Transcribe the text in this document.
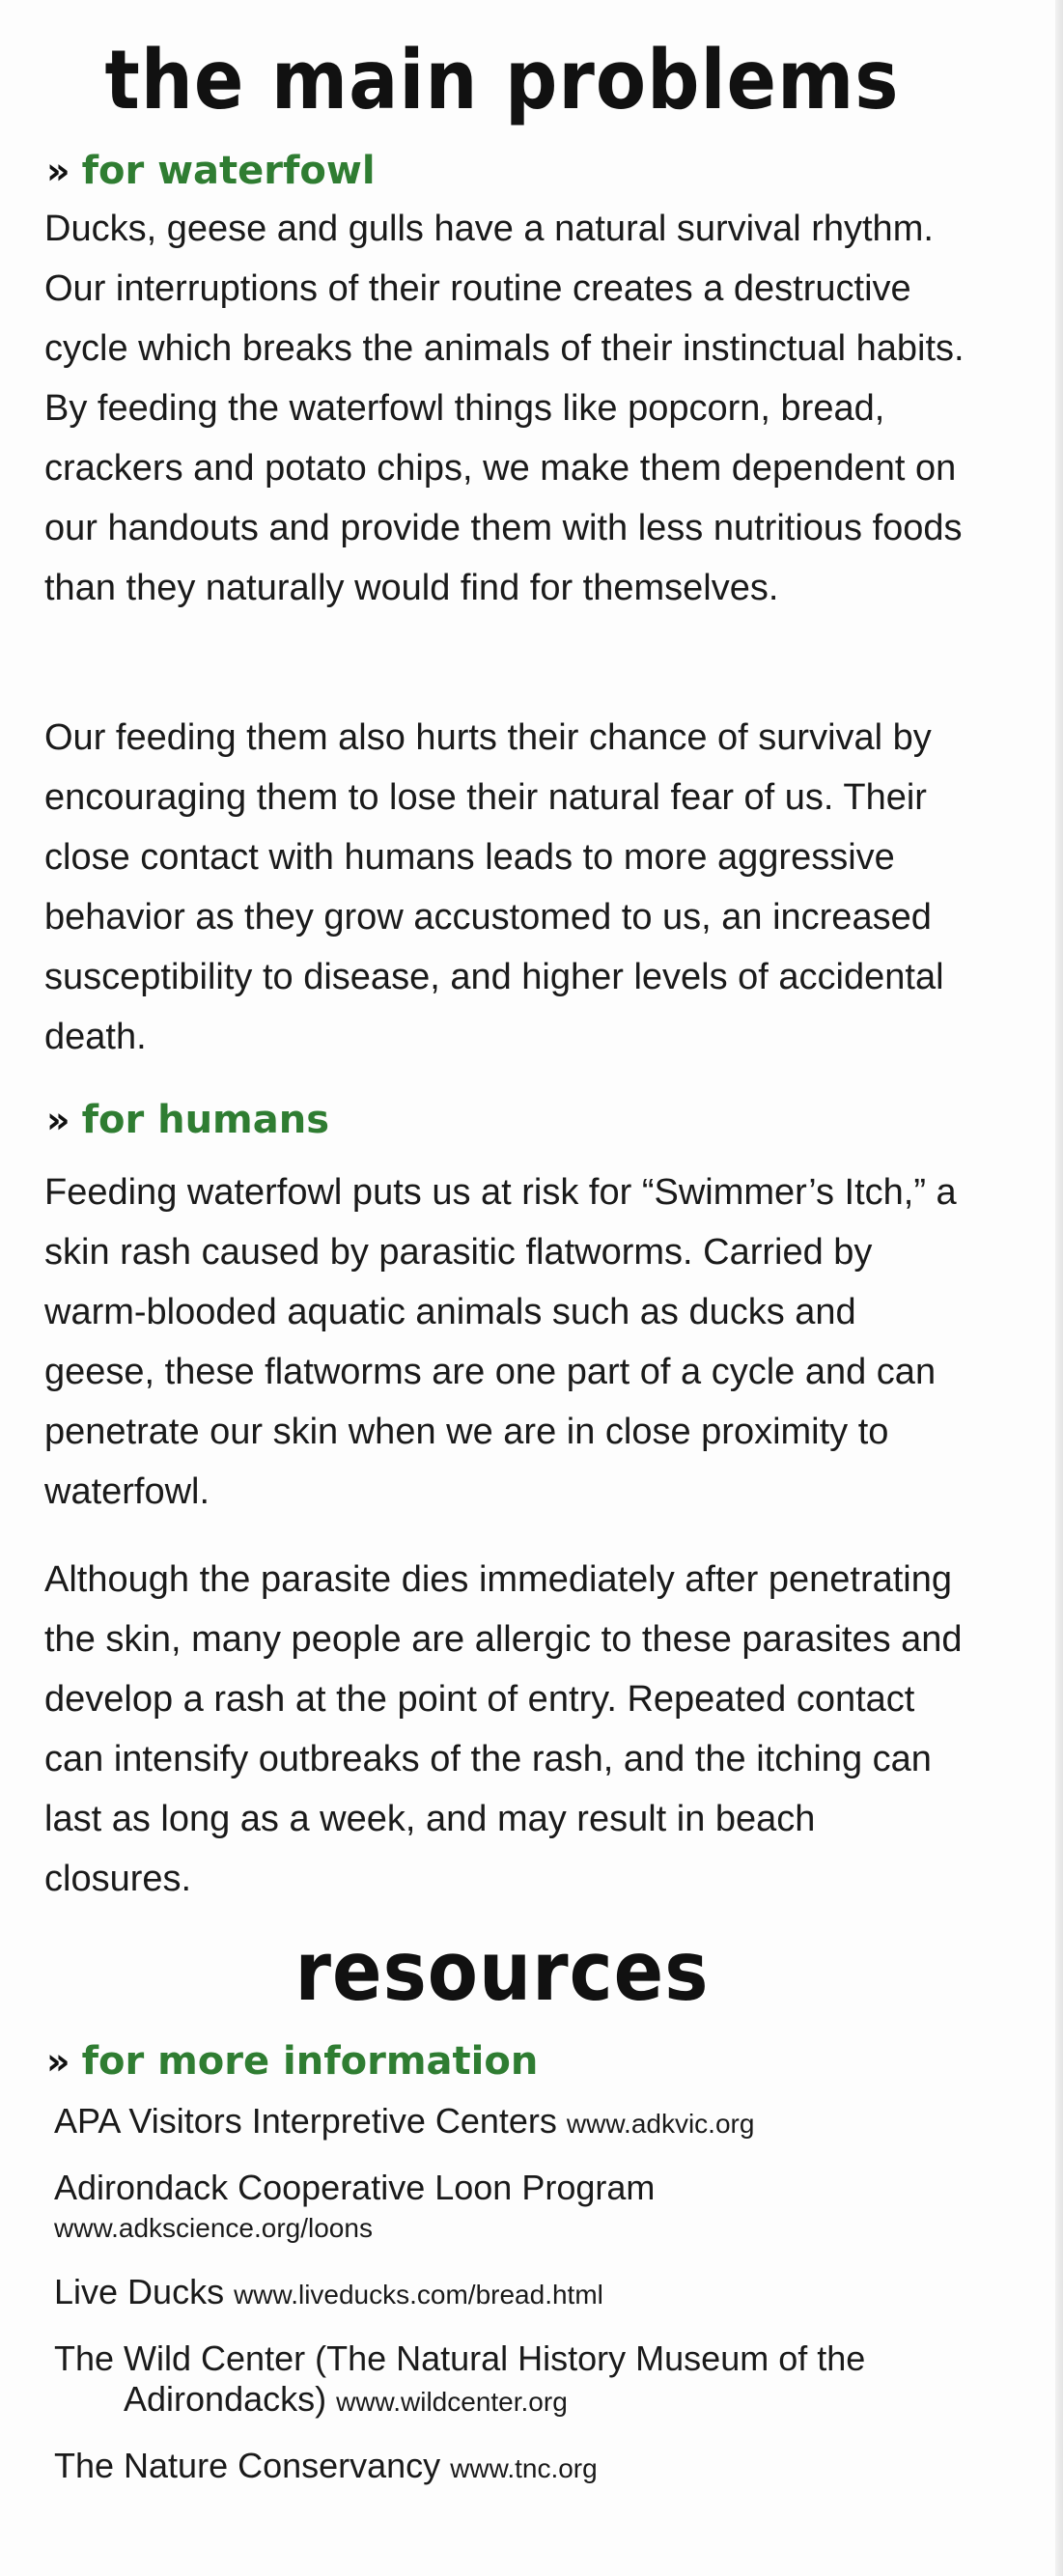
the main problems
» for waterfowl

Ducks, geese and gulls have a natural survival rhythm. Our interruptions of their routine creates a destructive cycle which breaks the animals of their instinctual habits. By feeding the waterfowl things like popcorn, bread, crackers and potato chips, we make them dependent on our handouts and provide them with less nutritious foods than they naturally would find for themselves.

Our feeding them also hurts their chance of survival by encouraging them to lose their natural fear of us. Their close contact with humans leads to more aggressive behavior as they grow accustomed to us, an increased susceptibility to disease, and higher levels of accidental death.

» for humans

Feeding waterfowl puts us at risk for “Swimmer’s Itch,” a skin rash caused by parasitic flatworms. Carried by warm-blooded aquatic animals such as ducks and geese, these flatworms are one part of a cycle and can penetrate our skin when we are in close proximity to waterfowl.

Although the parasite dies immediately after penetrating the skin, many people are allergic to these parasites and develop a rash at the point of entry. Repeated contact can intensify outbreaks of the rash, and the itching can last as long as a week, and may result in beach closures.

resources
» for more information
APA Visitors Interpretive Centers www.adkvic.org
Adirondack Cooperative Loon Program
www.adkscience.org/loons
Live Ducks www.liveducks.com/bread.html
The Wild Center (The Natural History Museum of the Adirondacks) www.wildcenter.org
The Nature Conservancy www.tnc.org
